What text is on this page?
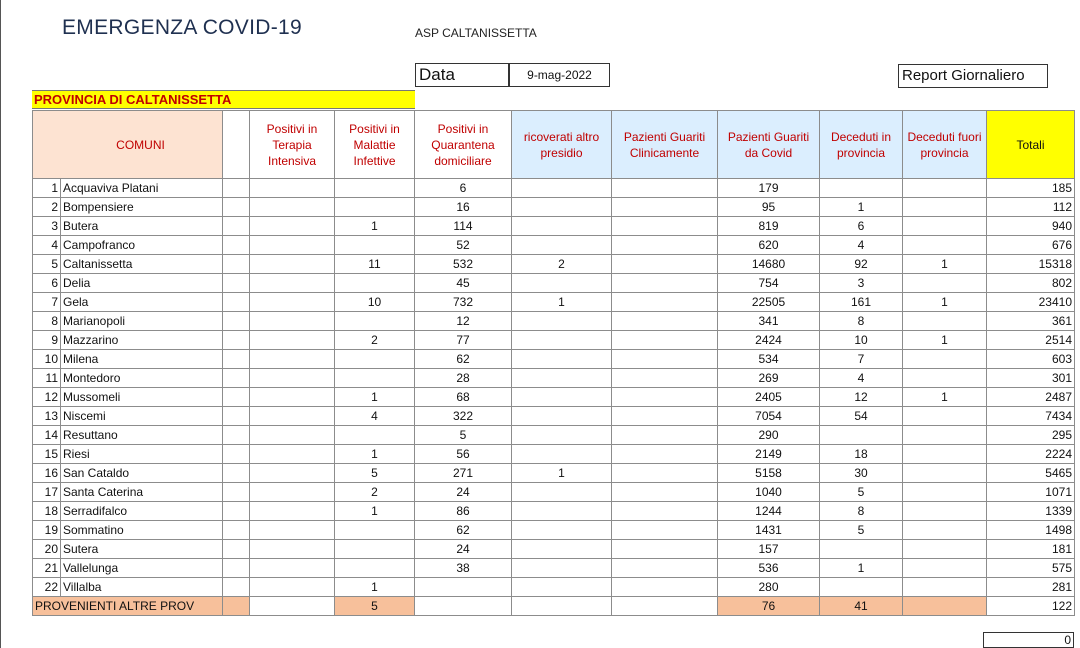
EMERGENZA COVID-19	ASP CALTANISSETTA
Data	9-mag-2022	Report Giornaliero
PROVINCIA DI CALTANISSETTA
COMUNI			Positivi in Terapia Intensiva	Positivi in Malattie Infettive	Positivi in Quarantena domiciliare	ricoverati altro presidio	Pazienti Guariti Clinicamente	Pazienti Guariti da Covid	Deceduti in provincia	Deceduti fuori provincia	Totali
1	Acquaviva Platani				6			179			185
2	Bompensiere				16			95	1		112
3	Butera			1	114			819	6		940
4	Campofranco				52			620	4		676
5	Caltanissetta			11	532	2		14680	92	1	15318
6	Delia				45			754	3		802
7	Gela			10	732	1		22505	161	1	23410
8	Marianopoli				12			341	8		361
9	Mazzarino			2	77			2424	10	1	2514
10	Milena				62			534	7		603
11	Montedoro				28			269	4		301
12	Mussomeli			1	68			2405	12	1	2487
13	Niscemi			4	322			7054	54		7434
14	Resuttano				5			290			295
15	Riesi			1	56			2149	18		2224
16	San Cataldo			5	271	1		5158	30		5465
17	Santa Caterina			2	24			1040	5		1071
18	Serradifalco			1	86			1244	8		1339
19	Sommatino				62			1431	5		1498
20	Sutera				24			157			181
21	Vallelunga				38			536	1		575
22	Villalba			1				280			281
PROVENIENTI ALTRE PROV				5				76	41		122
0
